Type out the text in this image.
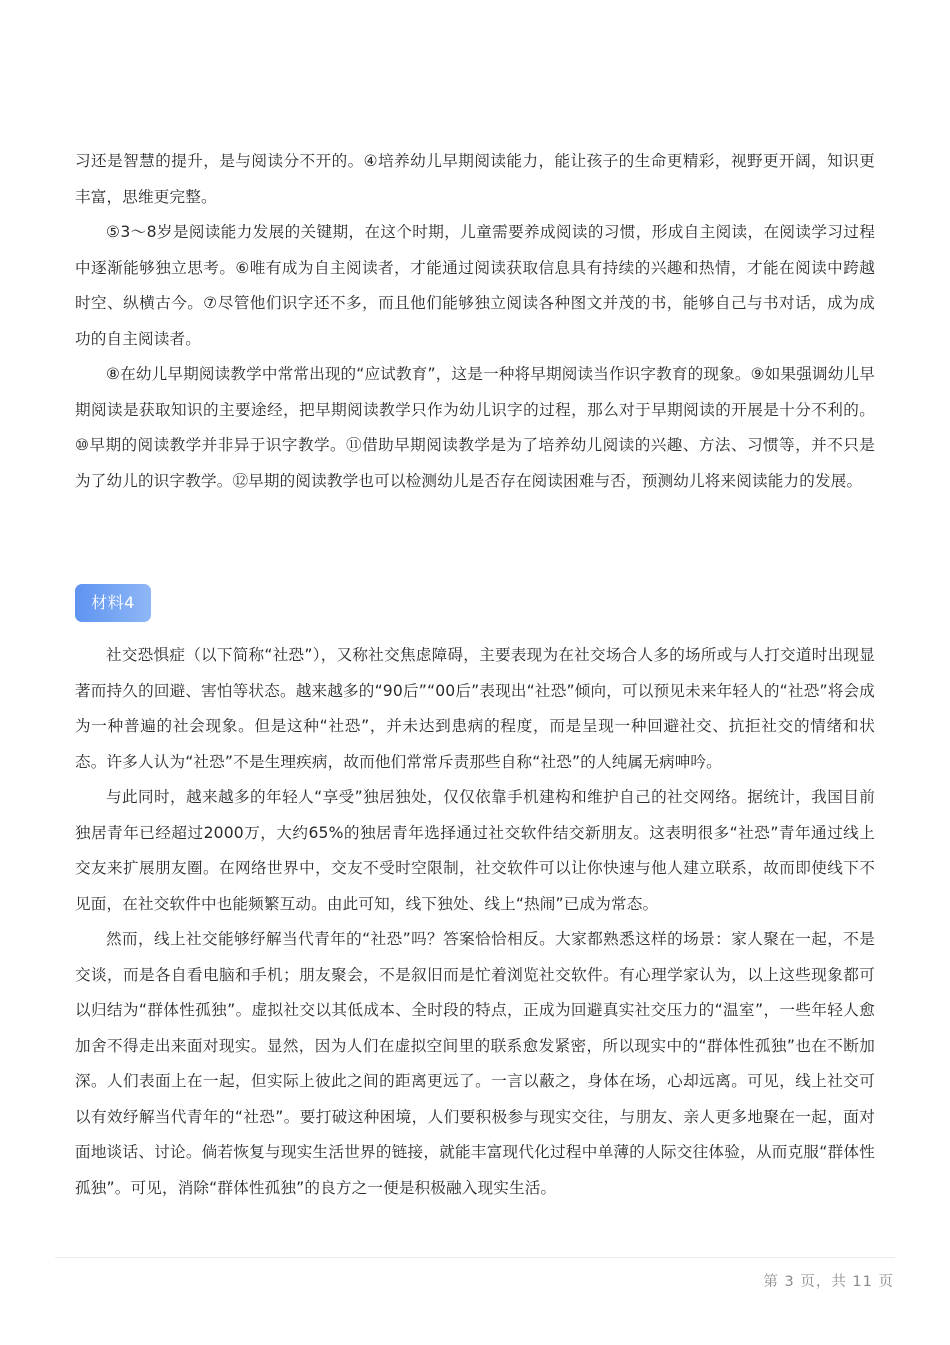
习还是智慧的提升，是与阅读分不开的。④培养幼儿早期阅读能力，能让孩子的生命更精彩，视野更开阔，知识更丰富，思维更完整。

⑤3～8岁是阅读能力发展的关键期，在这个时期，儿童需要养成阅读的习惯，形成自主阅读，在阅读学习过程中逐渐能够独立思考。⑥唯有成为自主阅读者，才能通过阅读获取信息具有持续的兴趣和热情，才能在阅读中跨越时空、纵横古今。⑦尽管他们识字还不多，而且他们能够独立阅读各种图文并茂的书，能够自己与书对话，成为成功的自主阅读者。

⑧在幼儿早期阅读教学中常常出现的“应试教育”，这是一种将早期阅读当作识字教育的现象。⑨如果强调幼儿早期阅读是获取知识的主要途经，把早期阅读教学只作为幼儿识字的过程，那么对于早期阅读的开展是十分不利的。⑩早期的阅读教学并非异于识字教学。⑪借助早期阅读教学是为了培养幼儿阅读的兴趣、方法、习惯等，并不只是为了幼儿的识字教学。⑫早期的阅读教学也可以检测幼儿是否存在阅读困难与否，预测幼儿将来阅读能力的发展。

材料4

社交恐惧症（以下简称“社恐”），又称社交焦虑障碍，主要表现为在社交场合人多的场所或与人打交道时出现显著而持久的回避、害怕等状态。越来越多的“90后”“00后”表现出“社恐”倾向，可以预见未来年轻人的“社恐”将会成为一种普遍的社会现象。但是这种“社恐”，并未达到患病的程度，而是呈现一种回避社交、抗拒社交的情绪和状态。许多人认为“社恐”不是生理疾病，故而他们常常斥责那些自称“社恐”的人纯属无病呻吟。

与此同时，越来越多的年轻人“享受”独居独处，仅仅依靠手机建构和维护自己的社交网络。据统计，我国目前独居青年已经超过2000万，大约65%的独居青年选择通过社交软件结交新朋友。这表明很多“社恐”青年通过线上交友来扩展朋友圈。在网络世界中，交友不受时空限制，社交软件可以让你快速与他人建立联系，故而即使线下不见面，在社交软件中也能频繁互动。由此可知，线下独处、线上“热闹”已成为常态。

然而，线上社交能够纾解当代青年的“社恐”吗？答案恰恰相反。大家都熟悉这样的场景：家人聚在一起，不是交谈，而是各自看电脑和手机；朋友聚会，不是叙旧而是忙着浏览社交软件。有心理学家认为，以上这些现象都可以归结为“群体性孤独”。虚拟社交以其低成本、全时段的特点，正成为回避真实社交压力的“温室”，一些年轻人愈加舍不得走出来面对现实。显然，因为人们在虚拟空间里的联系愈发紧密，所以现实中的“群体性孤独”也在不断加深。人们表面上在一起，但实际上彼此之间的距离更远了。一言以蔽之，身体在场，心却远离。可见，线上社交可以有效纾解当代青年的“社恐”。要打破这种困境，人们要积极参与现实交往，与朋友、亲人更多地聚在一起，面对面地谈话、讨论。倘若恢复与现实生活世界的链接，就能丰富现代化过程中单薄的人际交往体验，从而克服“群体性孤独”。可见，消除“群体性孤独”的良方之一便是积极融入现实生活。

第 3 页，共 11 页
